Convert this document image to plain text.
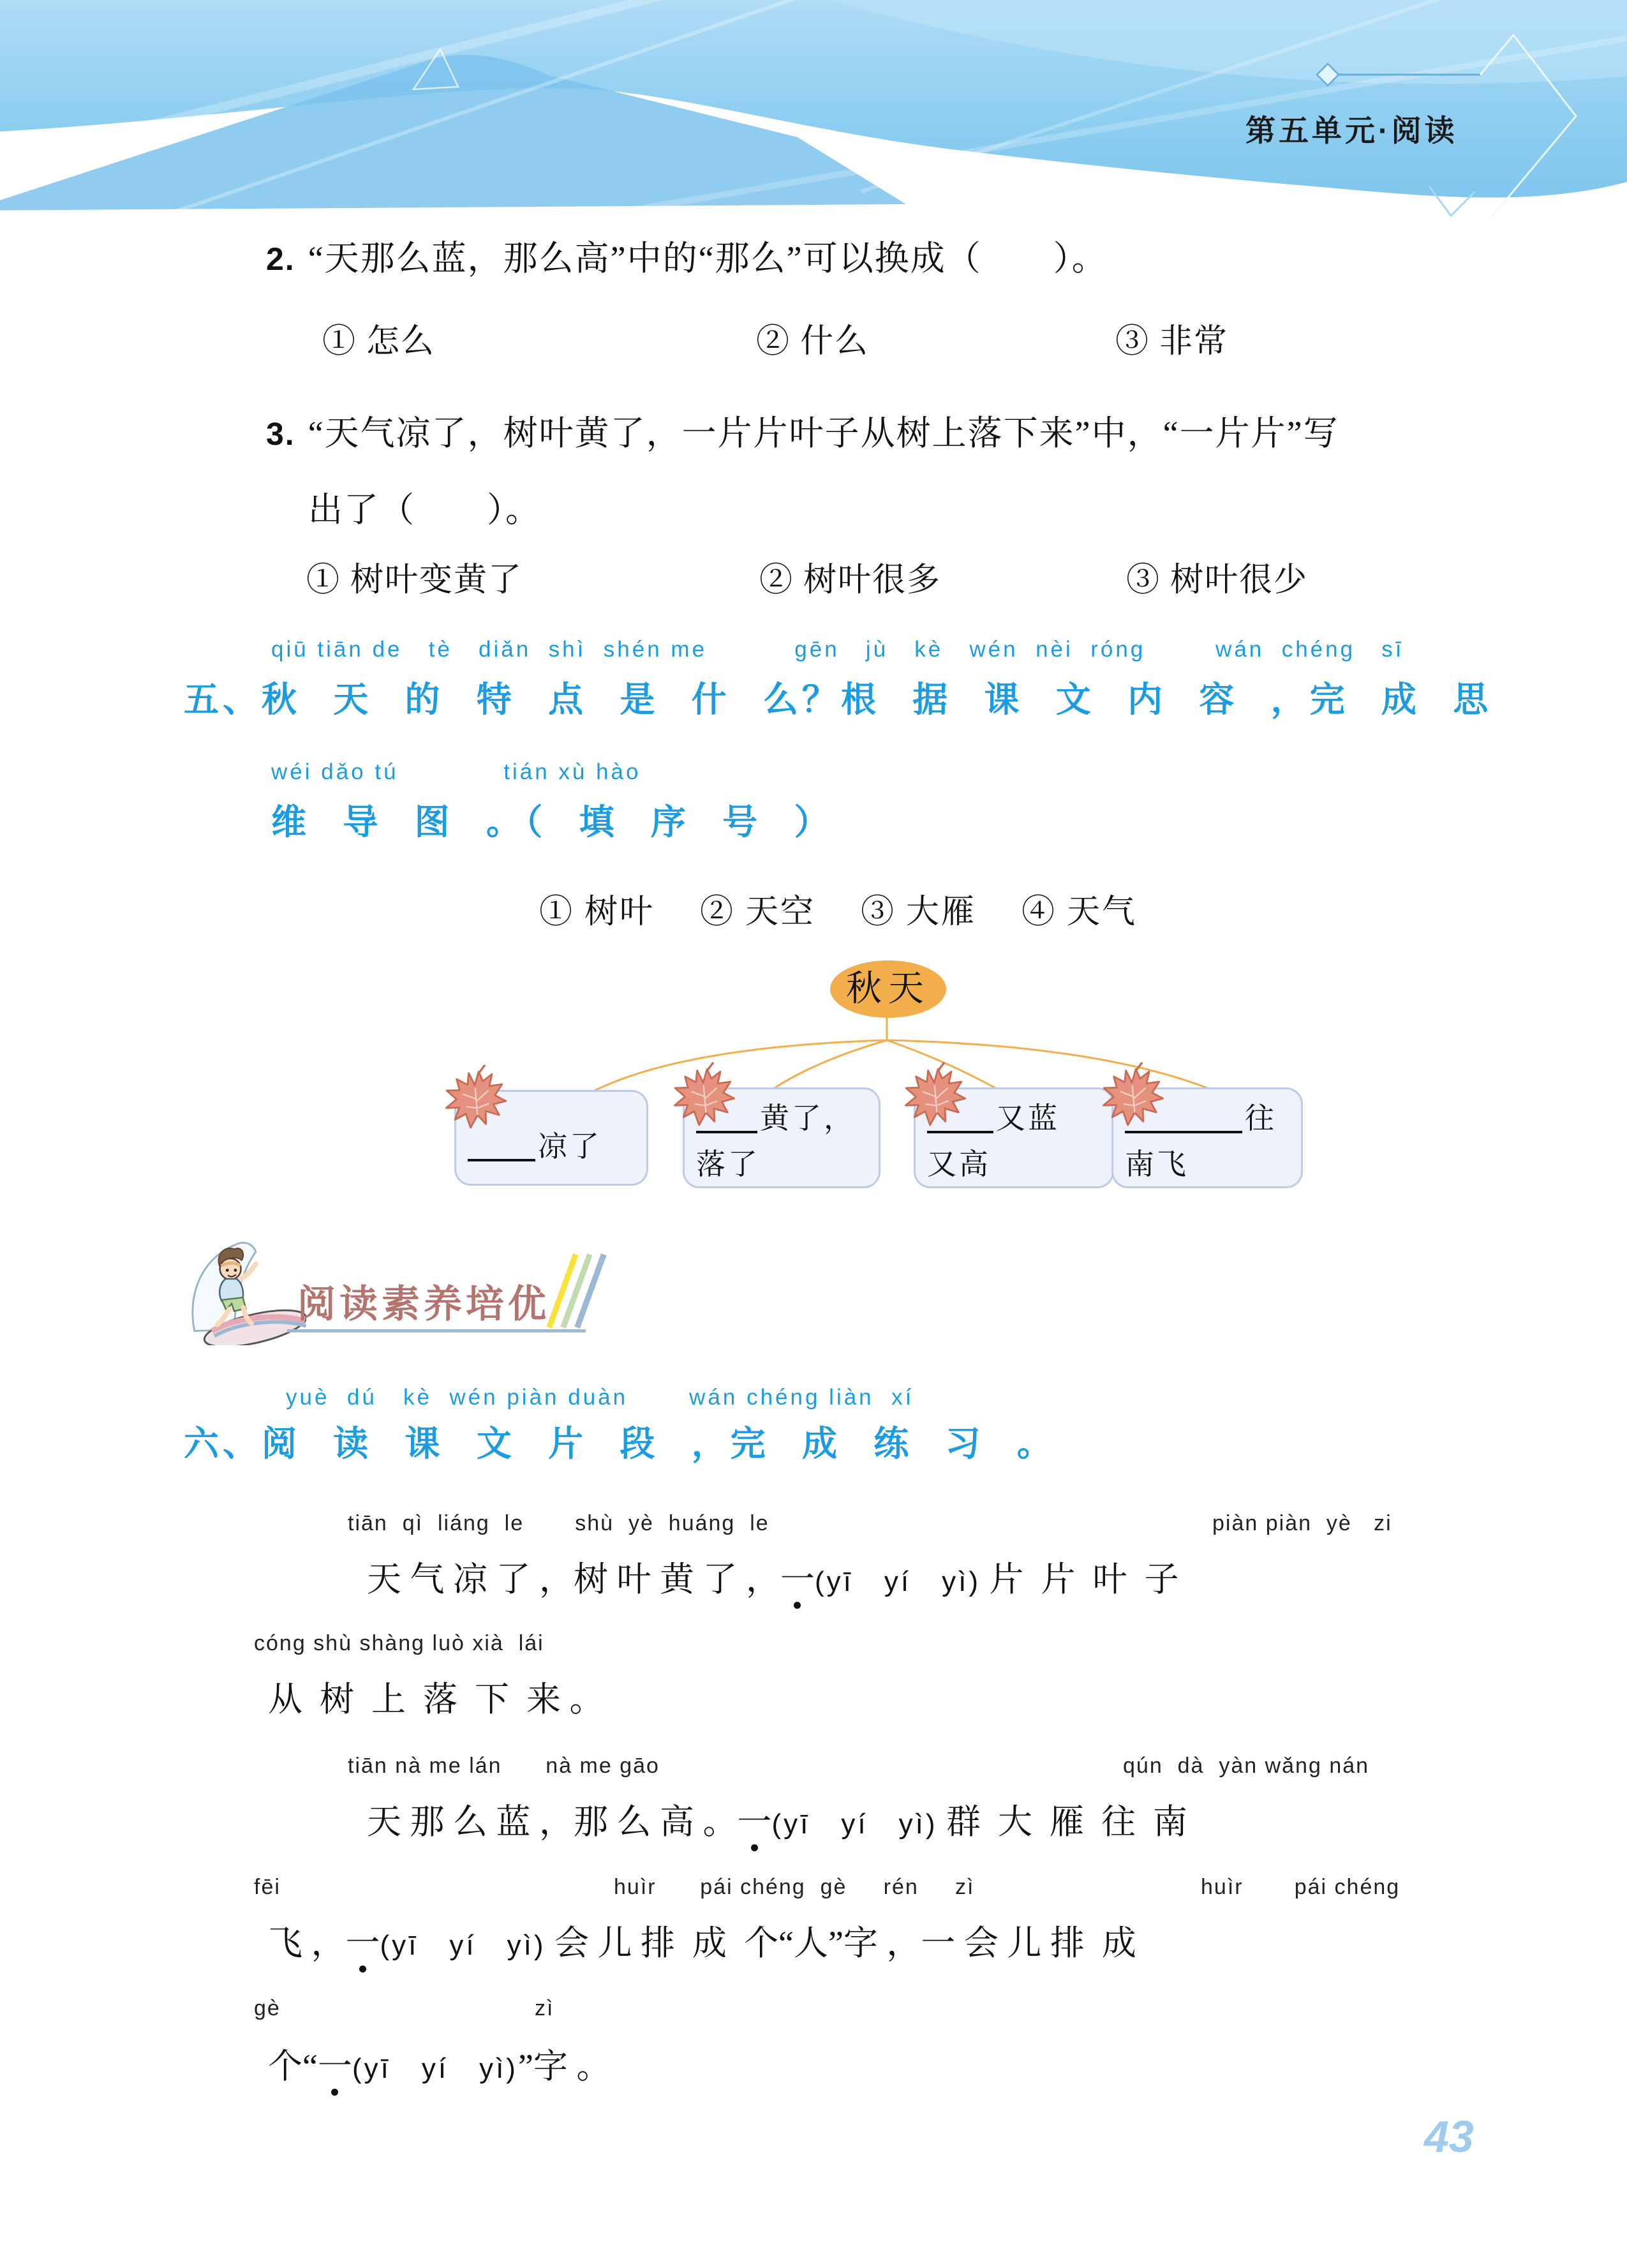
第五单元·阅读
2. “天那么蓝，那么高”中的“那么”可以换成（　　）。
① 怎么	② 什么	③ 非常
3. “天气凉了，树叶黄了，一片片叶子从树上落下来”中，“一片片”写
出了（　　）。
① 树叶变黄了	② 树叶很多	③ 树叶很少
qiū tiān de   tè   diǎn  shì  shén me          gēn   jù   kè   wén  nèi  róng        wán  chéng   sī
五、秋 天 的 特 点 是 什 么？根 据 课 文 内 容 ，完 成 思
wéi dǎo tú            tián xù hào
维 导 图 。（ 填 序 号 ）
① 树叶　 ② 天空　 ③ 大雁　 ④ 天气
秋天
凉了
黄了，
落了
又蓝
又高
往
南飞
阅读素养培优
yuè  dú   kè  wén piàn duàn       wán chéng liàn  xí
六、阅 读 课 文 片 段 ，完 成 练 习 。
tiān  qì  liáng  le       shù  yè  huáng  le	piàn piàn  yè   zi
天 气 凉 了 ，树 叶 黄 了 ，一(yī　yí　yì) 片  片  叶  子
cóng shù shàng luò xià  lái
从  树  上  落  下  来 。
tiān nà me lán      nà me gāo	qún  dà  yàn wǎng nán
天 那 么 蓝 ，那 么 高 。一(yī　yí　yì) 群  大  雁  往  南
fēi	huìr      pái chéng  gè     rén     zì	huìr       pái chéng
飞 ，一(yī　yí　yì) 会 儿 排  成  个“人”字 ，一 会 儿 排  成
gè	zì
个“一(yī　yí　yì)”字 。
43
